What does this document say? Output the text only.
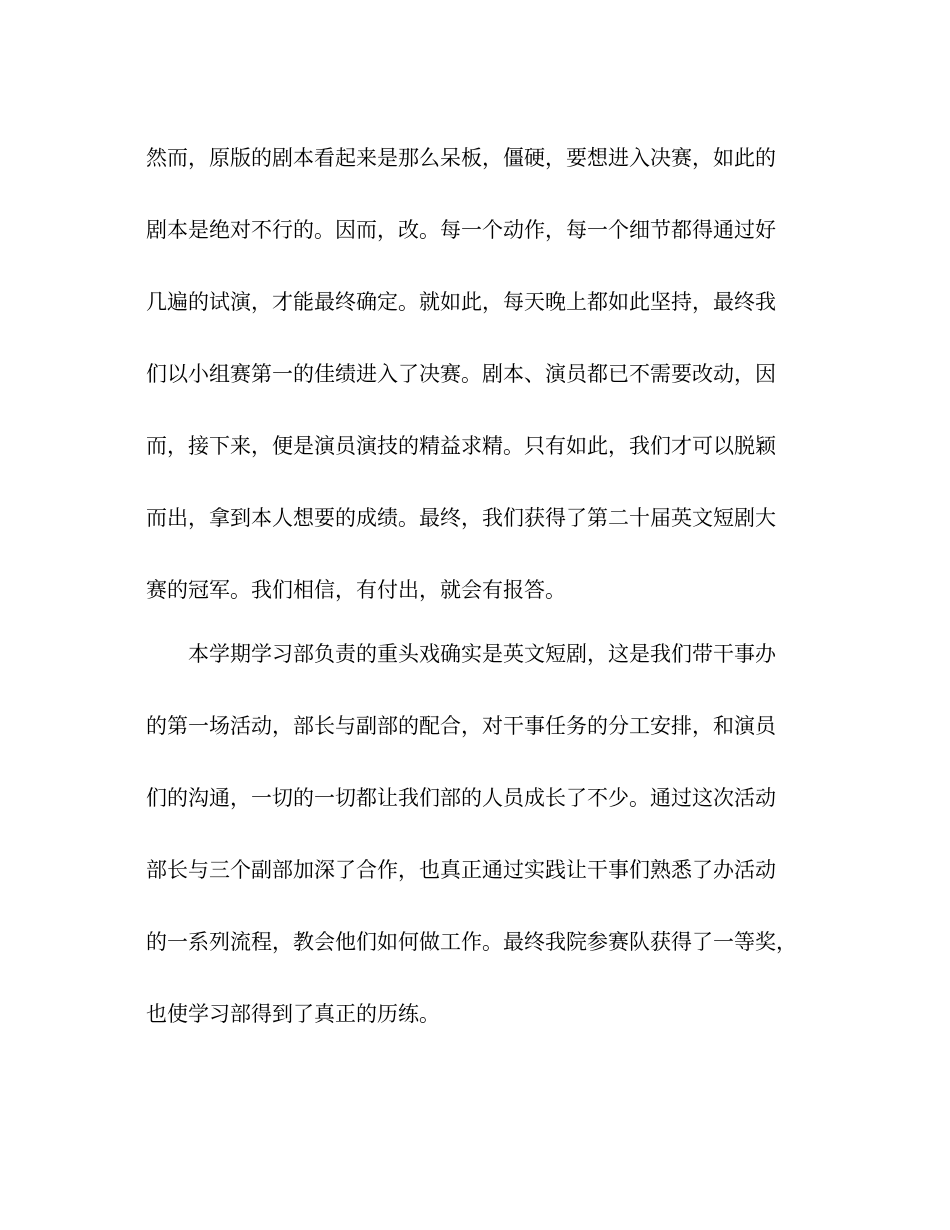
然而，原版的剧本看起来是那么呆板，僵硬，要想进入决赛，如此的
剧本是绝对不行的。因而，改。每一个动作，每一个细节都得通过好
几遍的试演，才能最终确定。就如此，每天晚上都如此坚持，最终我
们以小组赛第一的佳绩进入了决赛。剧本、演员都已不需要改动，因
而，接下来，便是演员演技的精益求精。只有如此，我们才可以脱颖
而出，拿到本人想要的成绩。最终，我们获得了第二十届英文短剧大
赛的冠军。我们相信，有付出，就会有报答。
本学期学习部负责的重头戏确实是英文短剧，这是我们带干事办
的第一场活动，部长与副部的配合，对干事任务的分工安排，和演员
们的沟通，一切的一切都让我们部的人员成长了不少。通过这次活动
部长与三个副部加深了合作，也真正通过实践让干事们熟悉了办活动
的一系列流程，教会他们如何做工作。最终我院参赛队获得了一等奖，
也使学习部得到了真正的历练。
